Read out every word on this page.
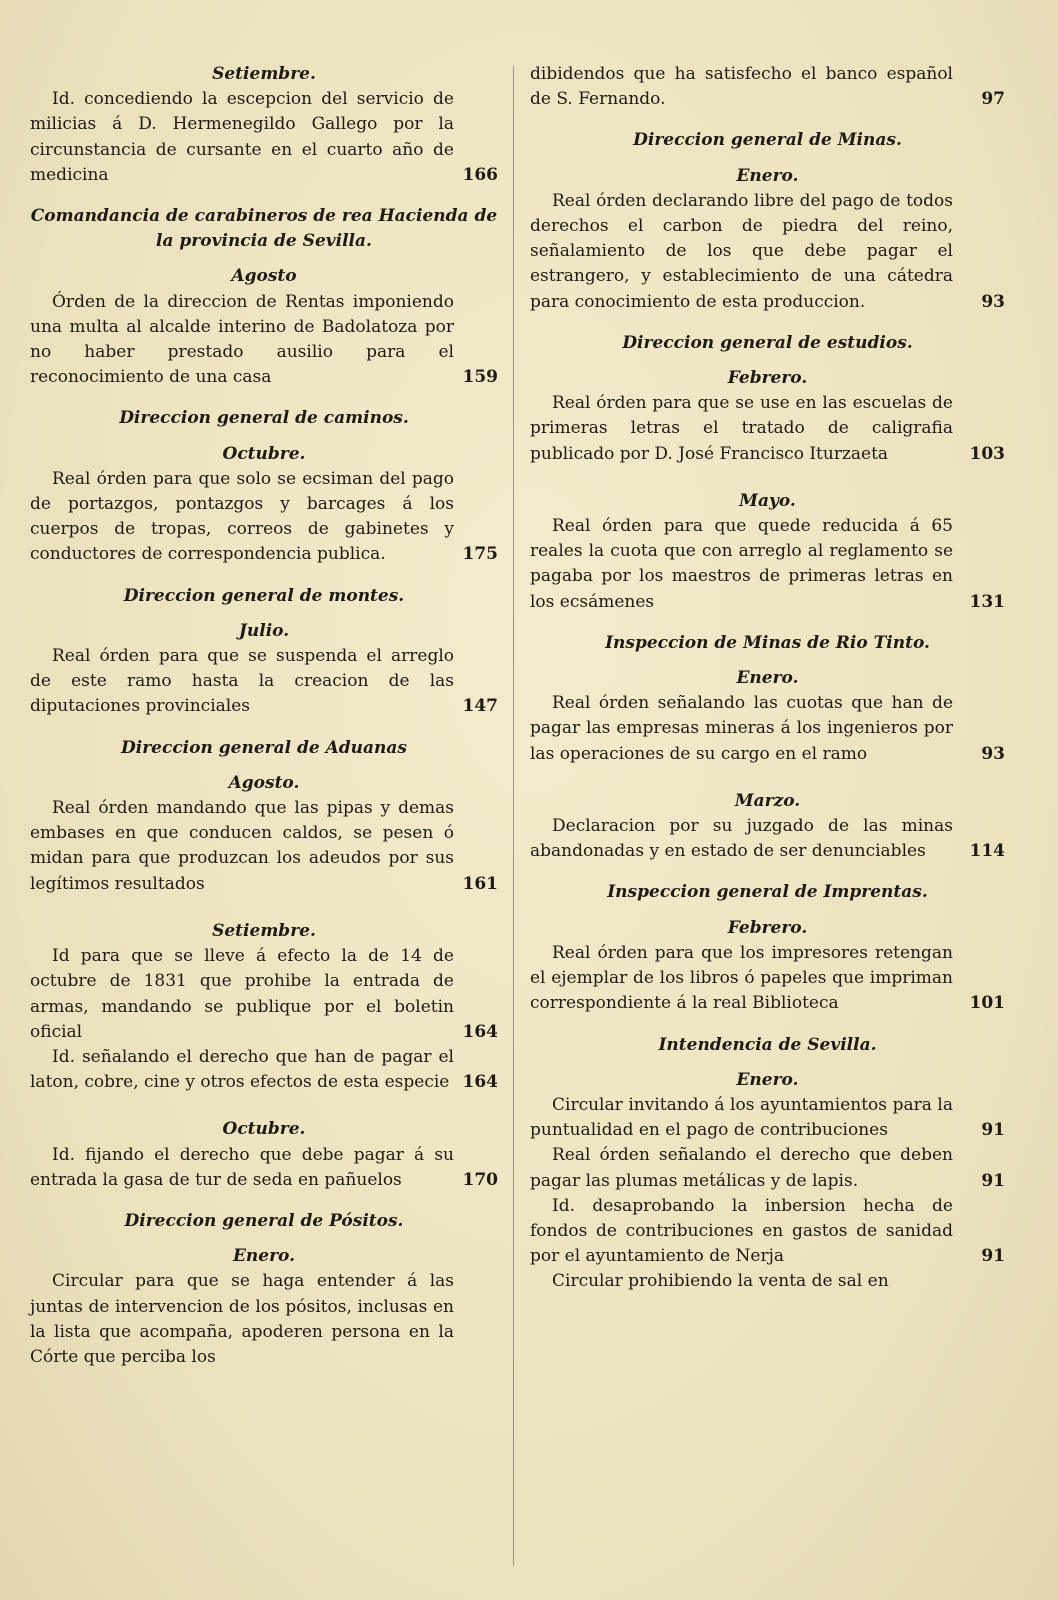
Setiembre.

Id. concediendo la escepcion del servicio de milicias á D. Hermenegildo Gallego por la circunstancia de cursante en el cuarto año de medicina	166

Comandancia de carabineros de rea Hacienda de la provincia de Sevilla.

Agosto

Órden de la direccion de Rentas imponiendo una multa al alcalde interino de Badolatoza por no haber prestado ausilio para el reconocimiento de una casa	159

Direccion general de caminos.

Octubre.

Real órden para que solo se ecsiman del pago de portazgos, pontazgos y barcages á los cuerpos de tropas, correos de gabinetes y conductores de correspondencia publica.	175

Direccion general de montes.

Julio.

Real órden para que se suspenda el arreglo de este ramo hasta la creacion de las diputaciones provinciales	147

Direccion general de Aduanas

Agosto.

Real órden mandando que las pipas y demas embases en que conducen caldos, se pesen ó midan para que produzcan los adeudos por sus legítimos resultados	161

Setiembre.

Id para que se lleve á efecto la de 14 de octubre de 1831 que prohibe la entrada de armas, mandando se publique por el boletin oficial	164
Id. señalando el derecho que han de pagar el laton, cobre, cine y otros efectos de esta especie 164

Octubre.

Id. fijando el derecho que debe pagar á su entrada la gasa de tur de seda en pañuelos	170

Direccion general de Pósitos.

Enero.

Circular para que se haga entender á las juntas de intervencion de los pósitos, inclusas en la lista que acompaña, apoderen persona en la Córte que perciba los
dibidendos que ha satisfecho el banco español de S. Fernando.	97

Direccion general de Minas.

Enero.

Real órden declarando libre del pago de todos derechos el carbon de piedra del reino, señalamiento de los que debe pagar el estrangero, y establecimiento de una cátedra para conocimiento de esta produccion.	93

Direccion general de estudios.

Febrero.

Real órden para que se use en las escuelas de primeras letras el tratado de caligrafia publicado por D. José Francisco Iturzaeta	103

Mayo.

Real órden para que quede reducida á 65 reales la cuota que con arreglo al reglamento se pagaba por los maestros de primeras letras en los ecsámenes	131

Inspeccion de Minas de Rio Tinto.

Enero.

Real órden señalando las cuotas que han de pagar las empresas mineras á los ingenieros por las operaciones de su cargo en el ramo	93

Marzo.

Declaracion por su juzgado de las minas abandonadas y en estado de ser denunciables	114

Inspeccion general de Imprentas.

Febrero.

Real órden para que los impresores retengan el ejemplar de los libros ó papeles que impriman correspondiente á la real Biblioteca	101

Intendencia de Sevilla.

Enero.

Circular invitando á los ayuntamientos para la puntualidad en el pago de contribuciones	91
Real órden señalando el derecho que deben pagar las plumas metálicas y de lapis.	91
Id. desaprobando la inbersion hecha de fondos de contribuciones en gastos de sanidad por el ayuntamiento de Nerja	91
Circular prohibiendo la venta de sal en
